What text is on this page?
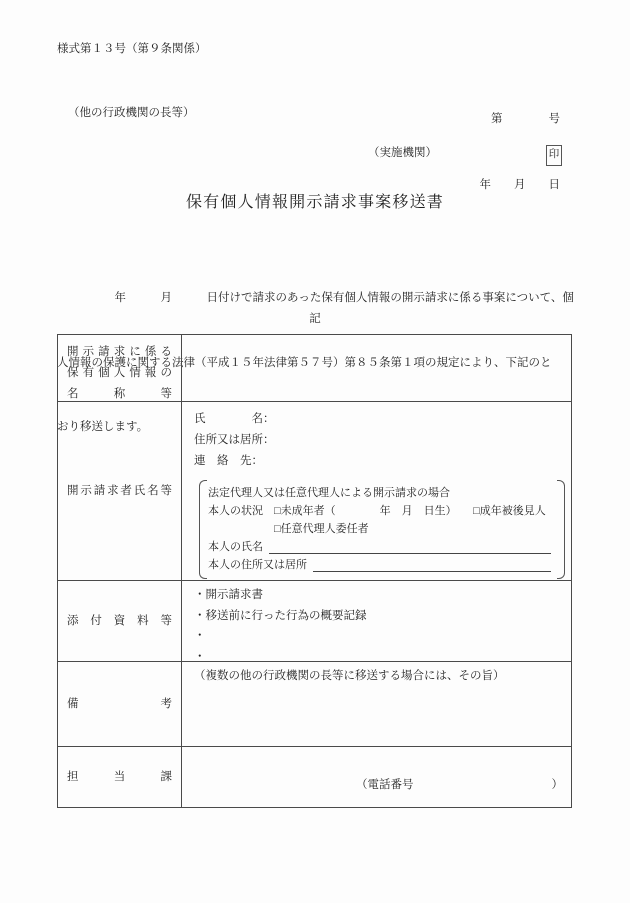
様式第１３号（第９条関係）

第　　　　号

年　　月　　日

（他の行政機関の長等）
（実施機関）	印
保有個人情報開示請求事案移送書

　　　　　年　　　月　　　日付けで請求のあった保有個人情報の開示請求に係る事案について、個

人情報の保護に関する法律（平成１５年法律第５７号）第８５条第１項の規定により、下記のと

おり移送します。

記
開示請求に係る
保有個人情報の
名称等
開示請求者氏名等
氏　　　　名：
住所又は居所：
連　絡　先：
法定代理人又は任意代理人による開示請求の場合
本人の状況　□未成年者（　　　　年　月　日生）　　□成年被後見人
　　　　　　□任意代理人委任者
本人の氏名
本人の住所又は居所
添付資料等
・開示請求書
・移送前に行った行為の概要記録
・
・
備考
（複数の他の行政機関の長等に移送する場合には、その旨）
担当課
（電話番号　　　　　　　　　　　　）
